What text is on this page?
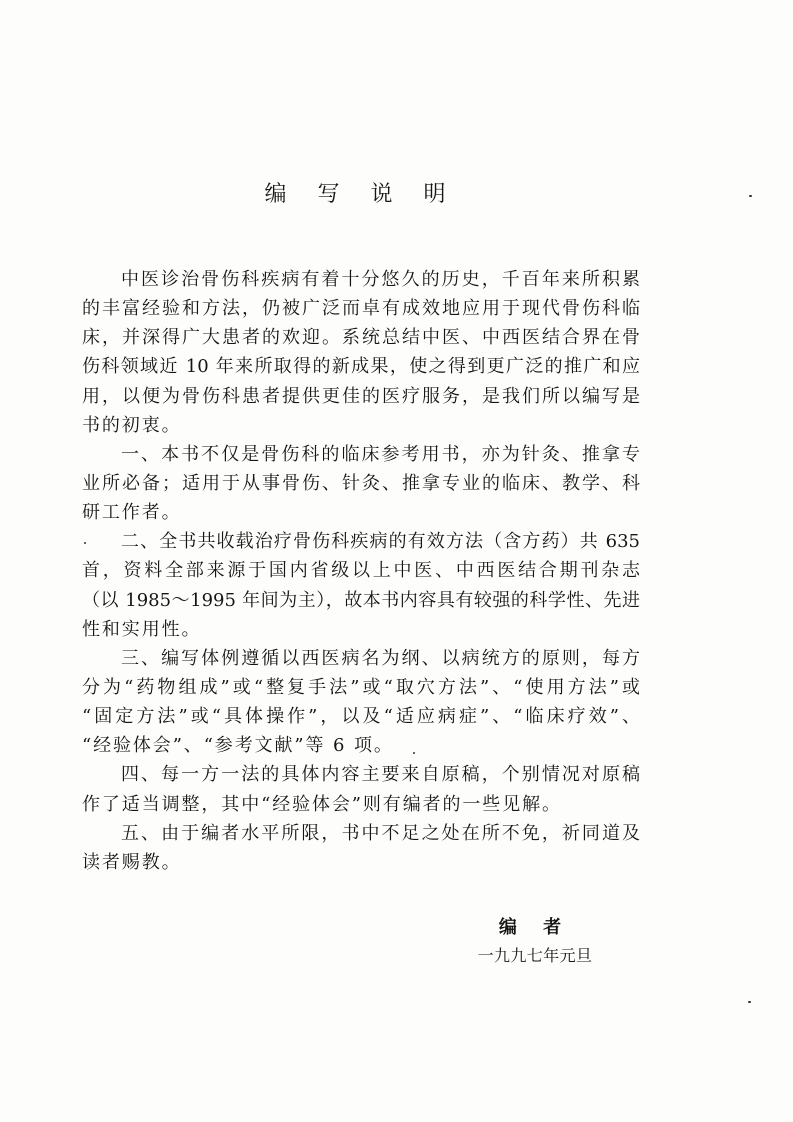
编 写 说 明
中医诊治骨伤科疾病有着十分悠久的历史，千百年来所积累
的丰富经验和方法，仍被广泛而卓有成效地应用于现代骨伤科临
床，并深得广大患者的欢迎。系统总结中医、中西医结合界在骨
伤科领域近 10 年来所取得的新成果，使之得到更广泛的推广和应
用，以便为骨伤科患者提供更佳的医疗服务，是我们所以编写是
书的初衷。
一、本书不仅是骨伤科的临床参考用书，亦为针灸、推拿专
业所必备；适用于从事骨伤、针灸、推拿专业的临床、教学、科
研工作者。
二、全书共收载治疗骨伤科疾病的有效方法（含方药）共 635
首，资料全部来源于国内省级以上中医、中西医结合期刊杂志
（以 1985～1995 年间为主），故本书内容具有较强的科学性、先进
性和实用性。
三、编写体例遵循以西医病名为纲、以病统方的原则，每方
分为“药物组成”或“整复手法”或“取穴方法”、“使用方法”或
“固定方法”或“具体操作”，以及“适应病症”、“临床疗效”、
“经验体会”、“参考文献”等 6 项。
四、每一方一法的具体内容主要来自原稿，个别情况对原稿
作了适当调整，其中“经验体会”则有编者的一些见解。
五、由于编者水平所限，书中不足之处在所不免，祈同道及
读者赐教。
编 者
一九九七年元旦
